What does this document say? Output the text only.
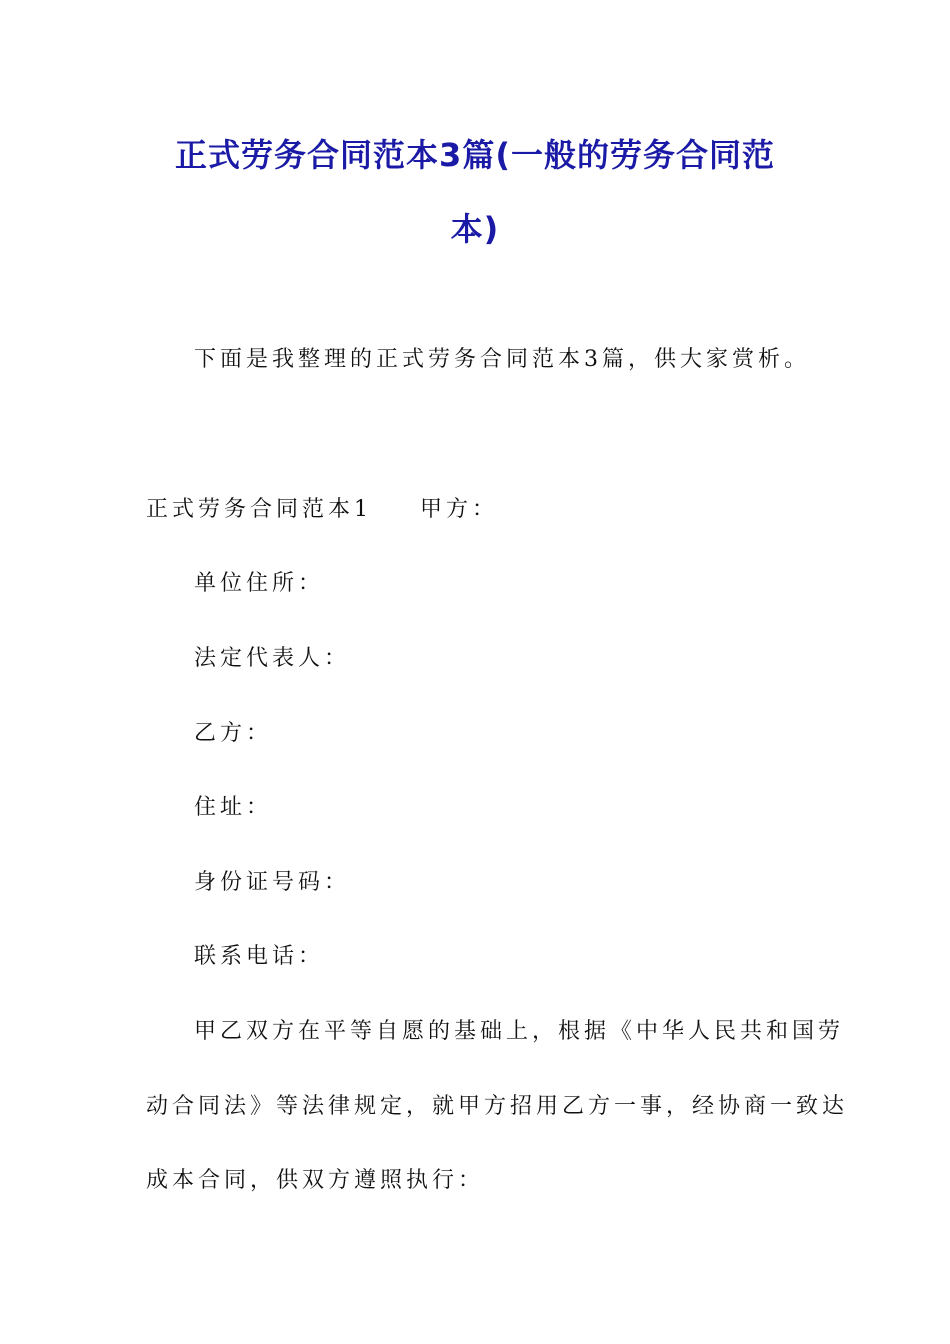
正式劳务合同范本3篇(一般的劳务合同范
本)
下面是我整理的正式劳务合同范本3篇，供大家赏析。
正式劳务合同范本1 甲方：
单位住所：
法定代表人：
乙方：
住址：
身份证号码：
联系电话：
甲乙双方在平等自愿的基础上，根据《中华人民共和国劳
动合同法》等法律规定，就甲方招用乙方一事，经协商一致达
成本合同，供双方遵照执行：
